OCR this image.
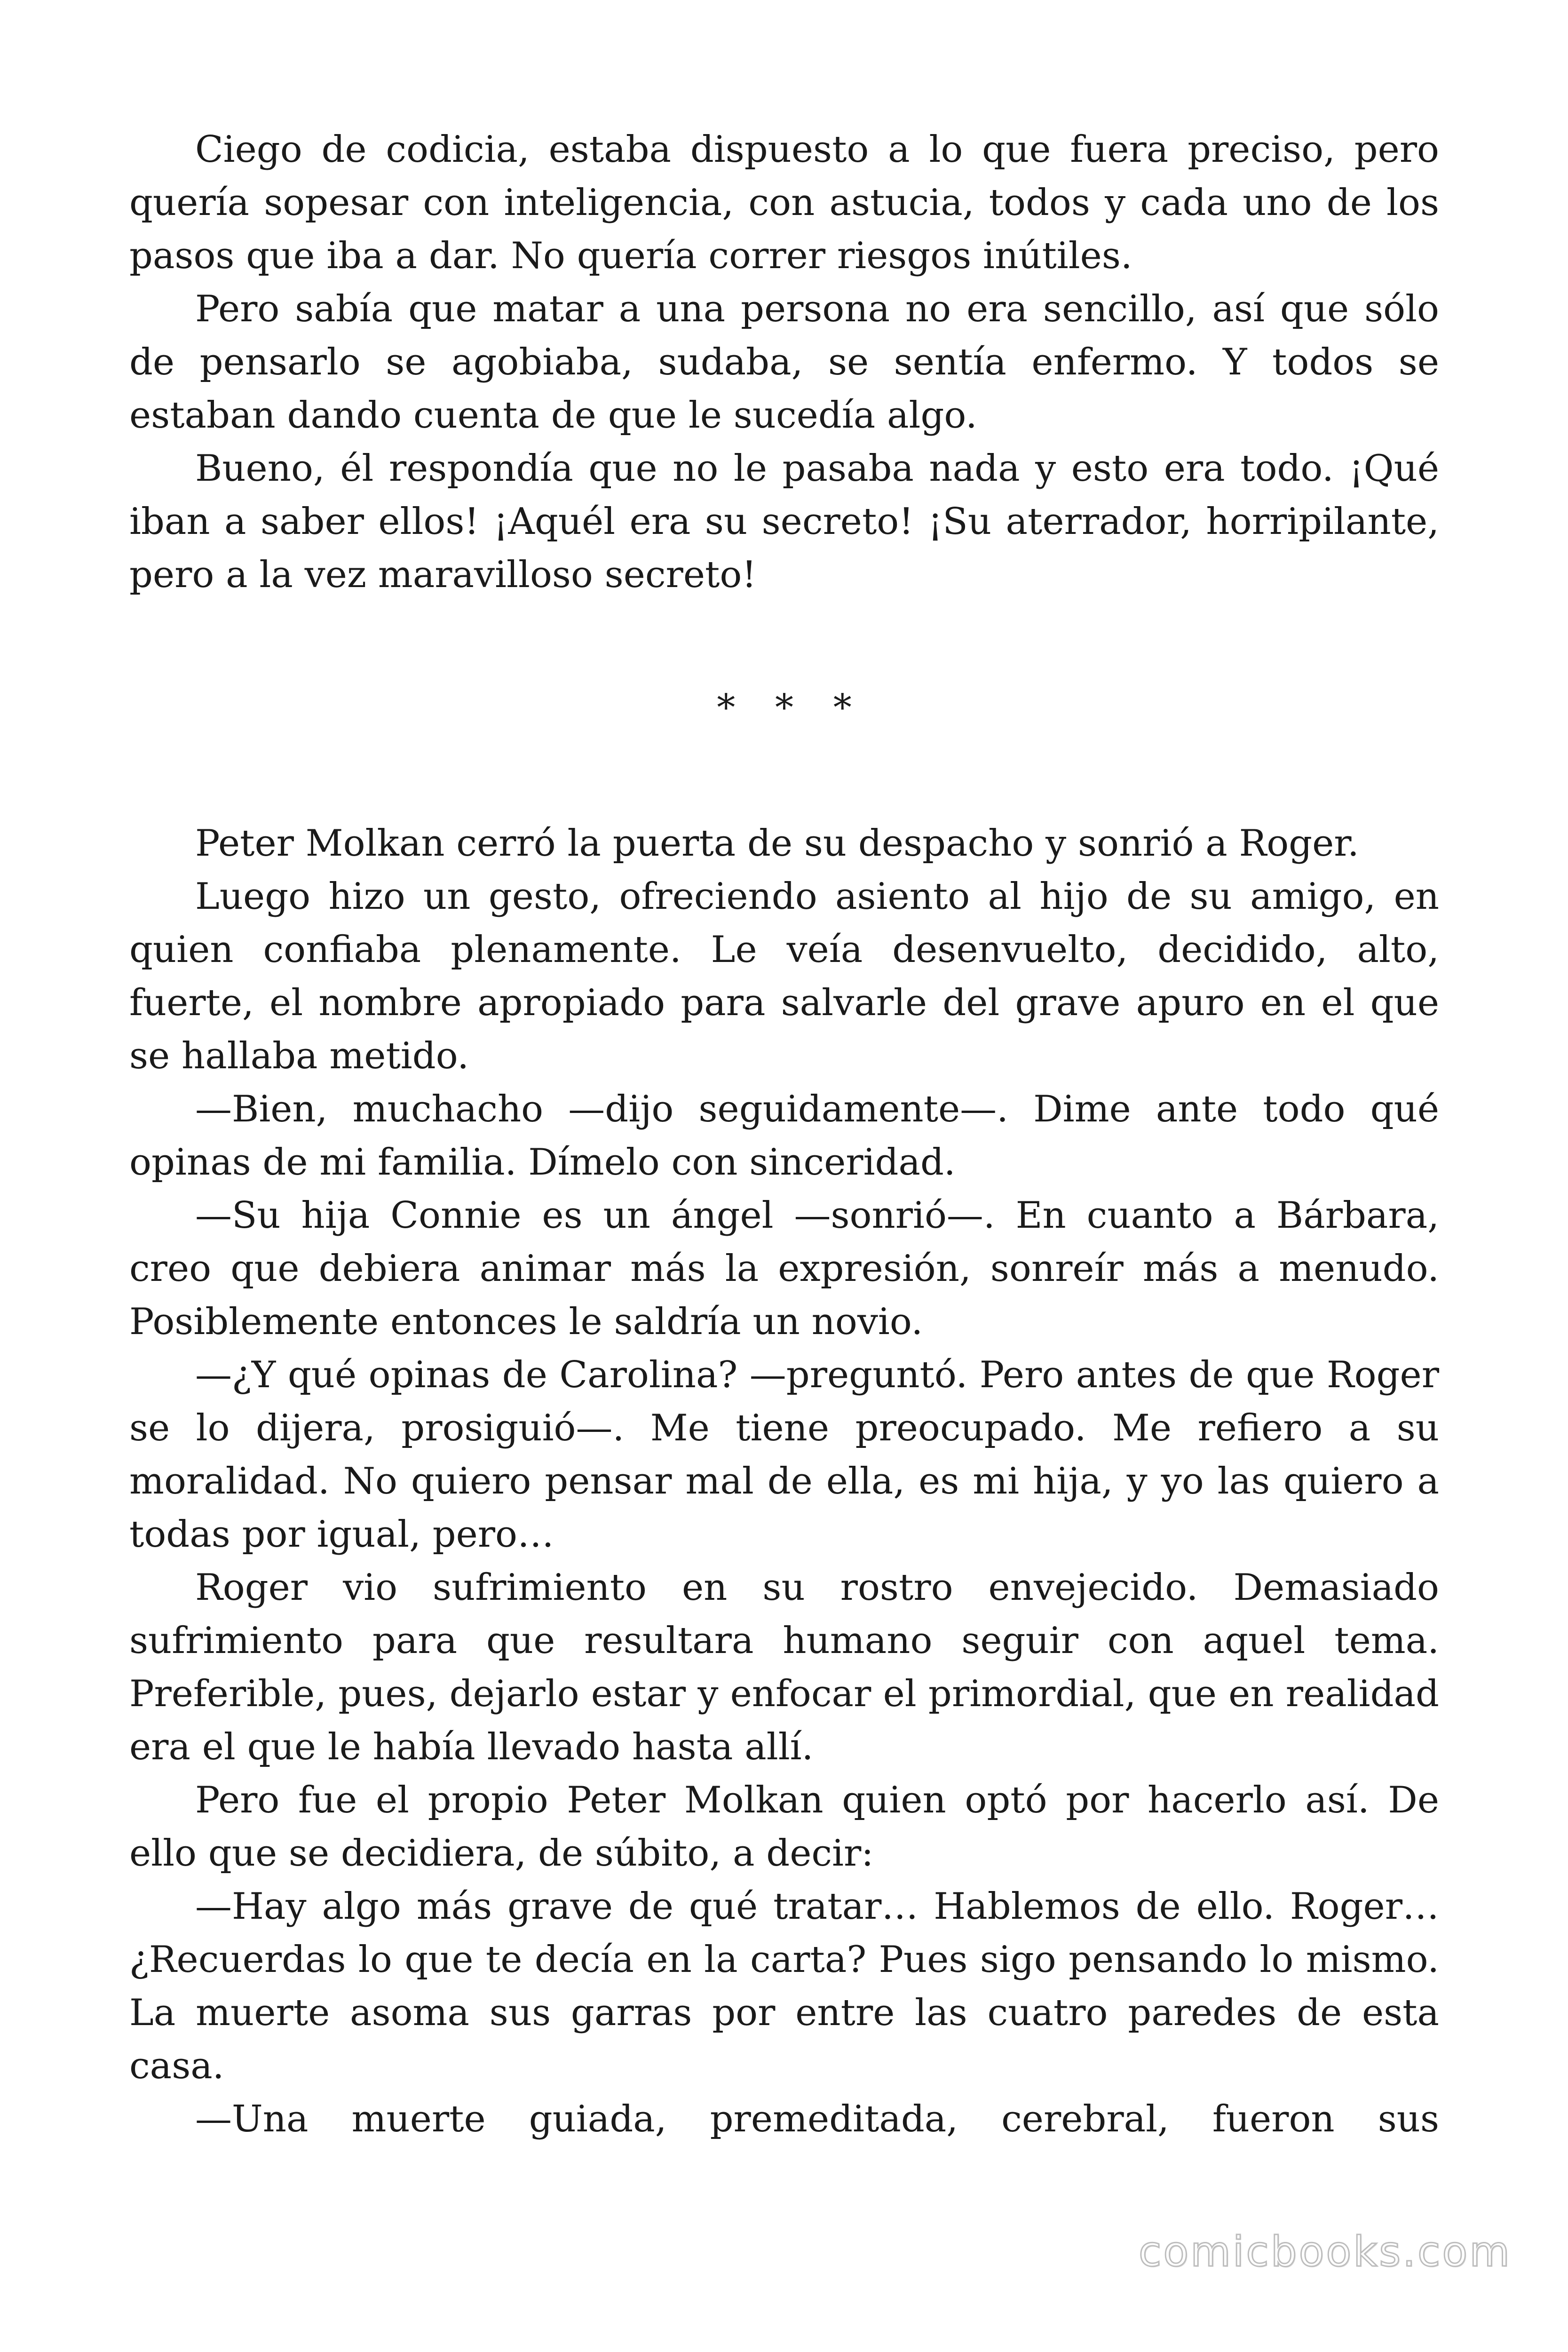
Ciego de codicia, estaba dispuesto a lo que fuera preciso, pero quería sopesar con inteligencia, con astucia, todos y cada uno de los pasos que iba a dar. No quería correr riesgos inútiles.

Pero sabía que matar a una persona no era sencillo, así que sólo de pensarlo se agobiaba, sudaba, se sentía enfermo. Y todos se estaban dando cuenta de que le sucedía algo.

Bueno, él respondía que no le pasaba nada y esto era todo. ¡Qué iban a saber ellos! ¡Aquél era su secreto! ¡Su aterrador, horripilante, pero a la vez maravilloso secreto!

* * *

Peter Molkan cerró la puerta de su despacho y sonrió a Roger.

Luego hizo un gesto, ofreciendo asiento al hijo de su amigo, en quien confiaba plenamente. Le veía desenvuelto, decidido, alto, fuerte, el nombre apropiado para salvarle del grave apuro en el que se hallaba metido.

—Bien, muchacho —dijo seguidamente—. Dime ante todo qué opinas de mi familia. Dímelo con sinceridad.

—Su hija Connie es un ángel —sonrió—. En cuanto a Bárbara, creo que debiera animar más la expresión, sonreír más a menudo. Posiblemente entonces le saldría un novio.

—¿Y qué opinas de Carolina? —preguntó. Pero antes de que Roger se lo dijera, prosiguió—. Me tiene preocupado. Me refiero a su moralidad. No quiero pensar mal de ella, es mi hija, y yo las quiero a todas por igual, pero…

Roger vio sufrimiento en su rostro envejecido. Demasiado sufrimiento para que resultara humano seguir con aquel tema. Preferible, pues, dejarlo estar y enfocar el primordial, que en realidad era el que le había llevado hasta allí.

Pero fue el propio Peter Molkan quien optó por hacerlo así. De ello que se decidiera, de súbito, a decir:

—Hay algo más grave de qué tratar… Hablemos de ello. Roger… ¿Recuerdas lo que te decía en la carta? Pues sigo pensando lo mismo. La muerte asoma sus garras por entre las cuatro paredes de esta casa.

—Una muerte guiada, premeditada, cerebral, fueron sus

comicbooks.com
